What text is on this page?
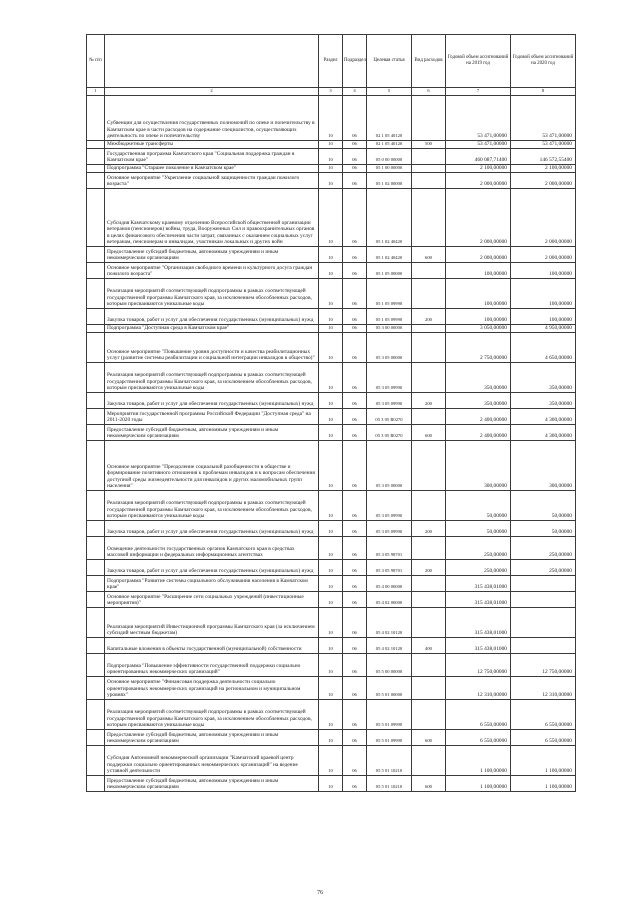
№ п/п		Раздел	Подраздел	Целевая статья	Вид расходов	Годовой объем ассигнований на 2019 год	Годовой объем ассигнований на 2020 год
1	2	3	4	5	6	7	8
	Субвенции для осуществления государственных полномочий по опеке и попечительству в Камчатском крае в части расходов на содержание специалистов, осуществляющих деятельность по опеке и попечительству	10	06	02 1 05 40120		53 471,00000	53 471,00000
	Межбюджетные трансферты	10	06	02 1 05 40120	500	53 471,00000	53 471,00000
	Государственная программа Камчатского края "Социальная поддержка граждан в Камчатском крае"	10	06	05 0 00 00000		460 087,71400	146 572,55400
	Подпрограмма "Старшее поколение в Камчатском крае"	10	06	05 1 00 00000		2 100,00000	2 100,00000
	Основное мероприятие "Укрепление социальной защищенности граждан пожилого возраста"	10	06	05 1 02 00000		2 000,00000	2 000,00000
	Субсидия Камчатскому краевому отделению Всероссийской общественной организации ветеранов (пенсионеров) войны, труда, Вооруженных Сил и правоохранительных органов в целях финансового обеспечения части затрат, связанных с оказанием социальных услуг ветеранам, пенсионерам и инвалидам, участникам локальных и других войн	10	06	05 1 02 40420		2 000,00000	2 000,00000
	Предоставление субсидий бюджетным, автономным учреждениям и иным некоммерческим организациям	10	06	05 1 02 40420	600	2 000,00000	2 000,00000
	Основное мероприятие "Организация свободного времени и культурного досуга граждан пожилого возраста"	10	06	05 1 05 00000		100,00000	100,00000
	Реализация мероприятий соответствующей подпрограммы в рамках соответствующей государственной программы Камчатского края, за исключением обособленных расходов, которым присваиваются уникальные коды	10	06	05 1 05 09990		100,00000	100,00000
	Закупка товаров, работ и услуг для обеспечения государственных (муниципальных) нужд	10	06	05 1 05 09990	200	100,00000	100,00000
	Подпрограмма "Доступная среда в Камчатском крае"	10	06	05 3 00 00000		3 050,00000	4 950,00000
	Основное мероприятие "Повышение уровня доступности и качества реабилитационных услуг (развитие системы реабилитации и социальной интеграции инвалидов в общество)"	10	06	05 3 05 00000		2 750,00000	4 650,00000
	Реализация мероприятий соответствующей подпрограммы в рамках соответствующей государственной программы Камчатского края, за исключением обособленных расходов, которым присваиваются уникальные коды	10	06	05 3 05 09990		350,00000	350,00000
	Закупка товаров, работ и услуг для обеспечения государственных (муниципальных) нужд	10	06	05 3 05 09990	200	350,00000	350,00000
	Мероприятия государственной программы Российской Федерации "Доступная среда" на 2011-2020 годы	10	06	05 3 05 R0270		2 400,00000	4 300,00000
	Предоставление субсидий бюджетным, автономным учреждениям и иным некоммерческим организациям	10	06	05 3 05 R0270	600	2 400,00000	4 300,00000
	Основное мероприятие "Преодоление социальной разобщенности в обществе и формирование позитивного отношения к проблемам инвалидов и к вопросам обеспечения доступной среды жизнедеятельности для инвалидов и других маломобильных групп населения"	10	06	05 3 05 00000		300,00000	300,00000
	Реализация мероприятий соответствующей подпрограммы в рамках соответствующей государственной программы Камчатского края, за исключением обособленных расходов, которым присваиваются уникальные коды	10	06	05 3 05 09990		50,00000	50,00000
	Закупка товаров, работ и услуг для обеспечения государственных (муниципальных) нужд	10	06	05 3 05 09990	200	50,00000	50,00000
	Освещение деятельности государственных органов Камчатского края в средствах массовой информации и федеральных информационных агентствах	10	06	05 3 05 98701		250,00000	250,00000
	Закупка товаров, работ и услуг для обеспечения государственных (муниципальных) нужд	10	06	05 3 05 98701	200	250,00000	250,00000
	Подпрограмма "Развитие системы социального обслуживания населения в Камчатском крае"	10	06	05 4 00 00000		315 438,01000	
	Основное мероприятие "Расширение сети социальных учреждений (инвестиционные мероприятия)"	10	06	05 4 02 00000		315 438,01000	
	Реализация мероприятий Инвестиционной программы Камчатского края (за исключением субсидий местным бюджетам)	10	06	05 4 02 10120		315 438,01000	
	Капитальные вложения в объекты государственной (муниципальной) собственности	10	06	05 4 02 10120	400	315 438,01000	
	Подпрограмма "Повышение эффективности государственной поддержки социально ориентированных некоммерческих организаций"	10	06	05 5 00 00000		12 750,00000	12 750,00000
	Основное мероприятие "Финансовая поддержка деятельности социально ориентированных некоммерческих организаций на региональном и муниципальном уровнях"	10	06	05 5 01 00000		12 310,00000	12 310,00000
	Реализация мероприятий соответствующей подпрограммы в рамках соответствующей государственной программы Камчатского края, за исключением обособленных расходов, которым присваиваются уникальные коды	10	06	05 5 01 09990		6 550,00000	6 550,00000
	Предоставление субсидий бюджетным, автономным учреждениям и иным некоммерческим организациям	10	06	05 5 01 09990	600	6 550,00000	6 550,00000
	Субсидия Автономной некоммерческой организации "Камчатский краевой центр поддержки социально ориентированных некоммерческих организаций" на ведение уставной деятельности	10	06	05 5 01 10210		1 100,00000	1 100,00000
	Предоставление субсидий бюджетным, автономным учреждениям и иным некоммерческим организациям	10	06	05 5 01 10210	600	1 100,00000	1 100,00000
76
